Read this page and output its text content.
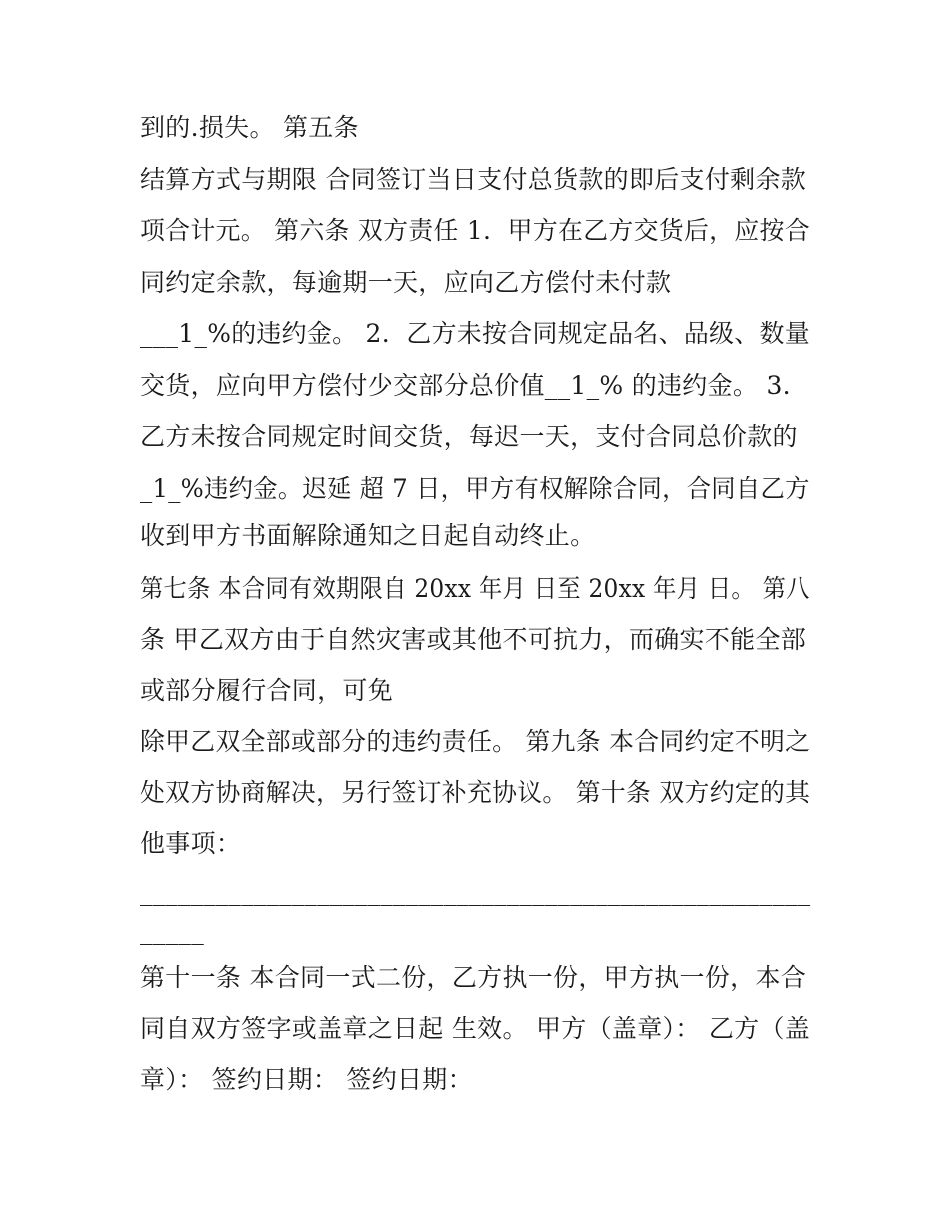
到的.损失。 第五条
结算方式与期限 合同签订当日支付总货款的即后支付剩余款
项合计元。 第六条 双方责任 1.  甲方在乙方交货后，应按合
同约定余款，每逾期一天，应向乙方偿付未付款
___1_%的违约金。 2.  乙方未按合同规定品名、品级、数量
交货，应向甲方偿付少交部分总价值__1_% 的违约金。 3.
乙方未按合同规定时间交货，每迟一天，支付合同总价款的
_1_%违约金。迟延 超 7 日，甲方有权解除合同，合同自乙方
收到甲方书面解除通知之日起自动终止。
第七条 本合同有效期限自 20xx 年月 日至 20xx 年月 日。 第八
条 甲乙双方由于自然灾害或其他不可抗力，而确实不能全部
或部分履行合同，可免
除甲乙双全部或部分的违约责任。 第九条 本合同约定不明之
处双方协商解决，另行签订补充协议。 第十条 双方约定的其
他事项：
_____________________________________________________
_____
第十一条 本合同一式二份，乙方执一份，甲方执一份，本合
同自双方签字或盖章之日起 生效。 甲方（盖章）： 乙方（盖
章）： 签约日期： 签约日期：
